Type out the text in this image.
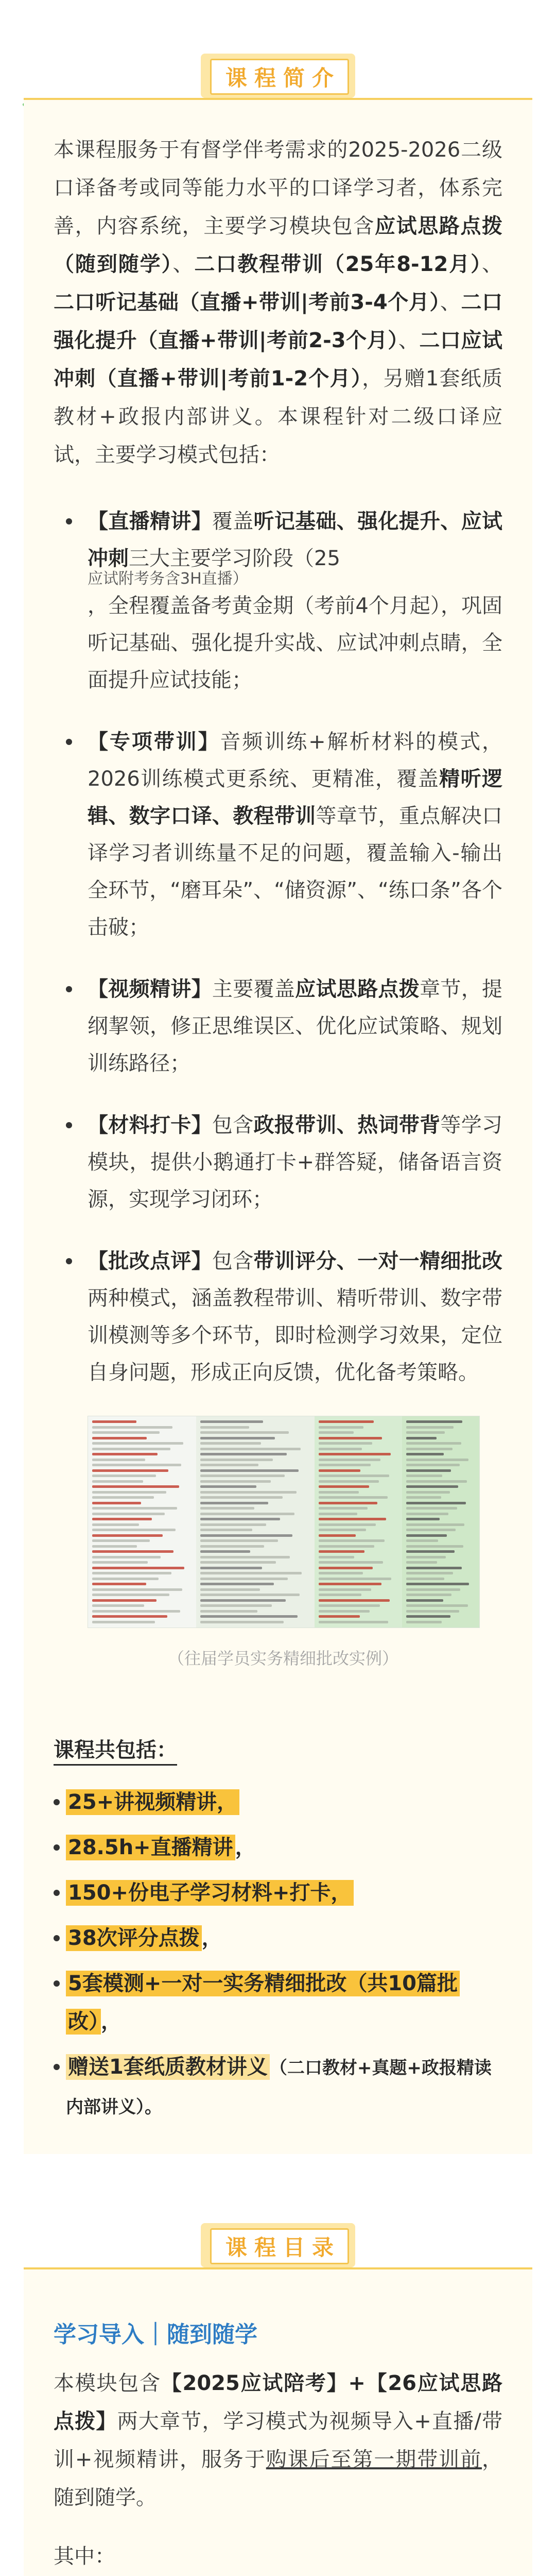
课程简介

本课程服务于有督学伴考需求的2025-2026二级口译备考或同等能力水平的口译学习者，体系完善，内容系统，主要学习模块包含应试思路点拨（随到随学）、二口教程带训（25年8-12月）、二口听记基础（直播+带训|考前3-4个月）、二口强化提升（直播+带训|考前2-3个月）、二口应试冲刺（直播+带训|考前1-2个月），另赠1套纸质教材+政报内部讲义。本课程针对二级口译应试，主要学习模式包括：

【直播精讲】覆盖听记基础、强化提升、应试冲刺三大主要学习阶段（25
应试附考务含3H直播）
，全程覆盖备考黄金期（考前4个月起），巩固听记基础、强化提升实战、应试冲刺点睛，全面提升应试技能；
【专项带训】音频训练+解析材料的模式，2026训练模式更系统、更精准，覆盖精听逻辑、数字口译、教程带训等章节，重点解决口译学习者训练量不足的问题，覆盖输入-输出全环节，“磨耳朵”、“储资源”、“练口条”各个击破；
【视频精讲】主要覆盖应试思路点拨章节，提纲挈领，修正思维误区、优化应试策略、规划训练路径；
【材料打卡】包含政报带训、热词带背等学习模块，提供小鹅通打卡+群答疑，储备语言资源，实现学习闭环；
【批改点评】包含带训评分、一对一精细批改两种模式，涵盖教程带训、精听带训、数字带训模测等多个环节，即时检测学习效果，定位自身问题，形成正向反馈，优化备考策略。
（往届学员实务精细批改实例）
课程共包括：
25+讲视频精讲，
28.5h+直播精讲 ，
150+份电子学习材料+打卡，
38次评分点拨 ，
5套模测+一对一实务精细批改（共10篇批改） ，
赠送1套纸质教材讲义 （二口教材+真题+政报精读内部讲义）。
课程目录
学习导入｜随到随学

本模块包含【2025应试陪考】+【26应试思路点拨】两大章节，学习模式为视频导入+直播/带训+视频精讲，服务于购课后至第一期带训前，随到随学。

其中：
